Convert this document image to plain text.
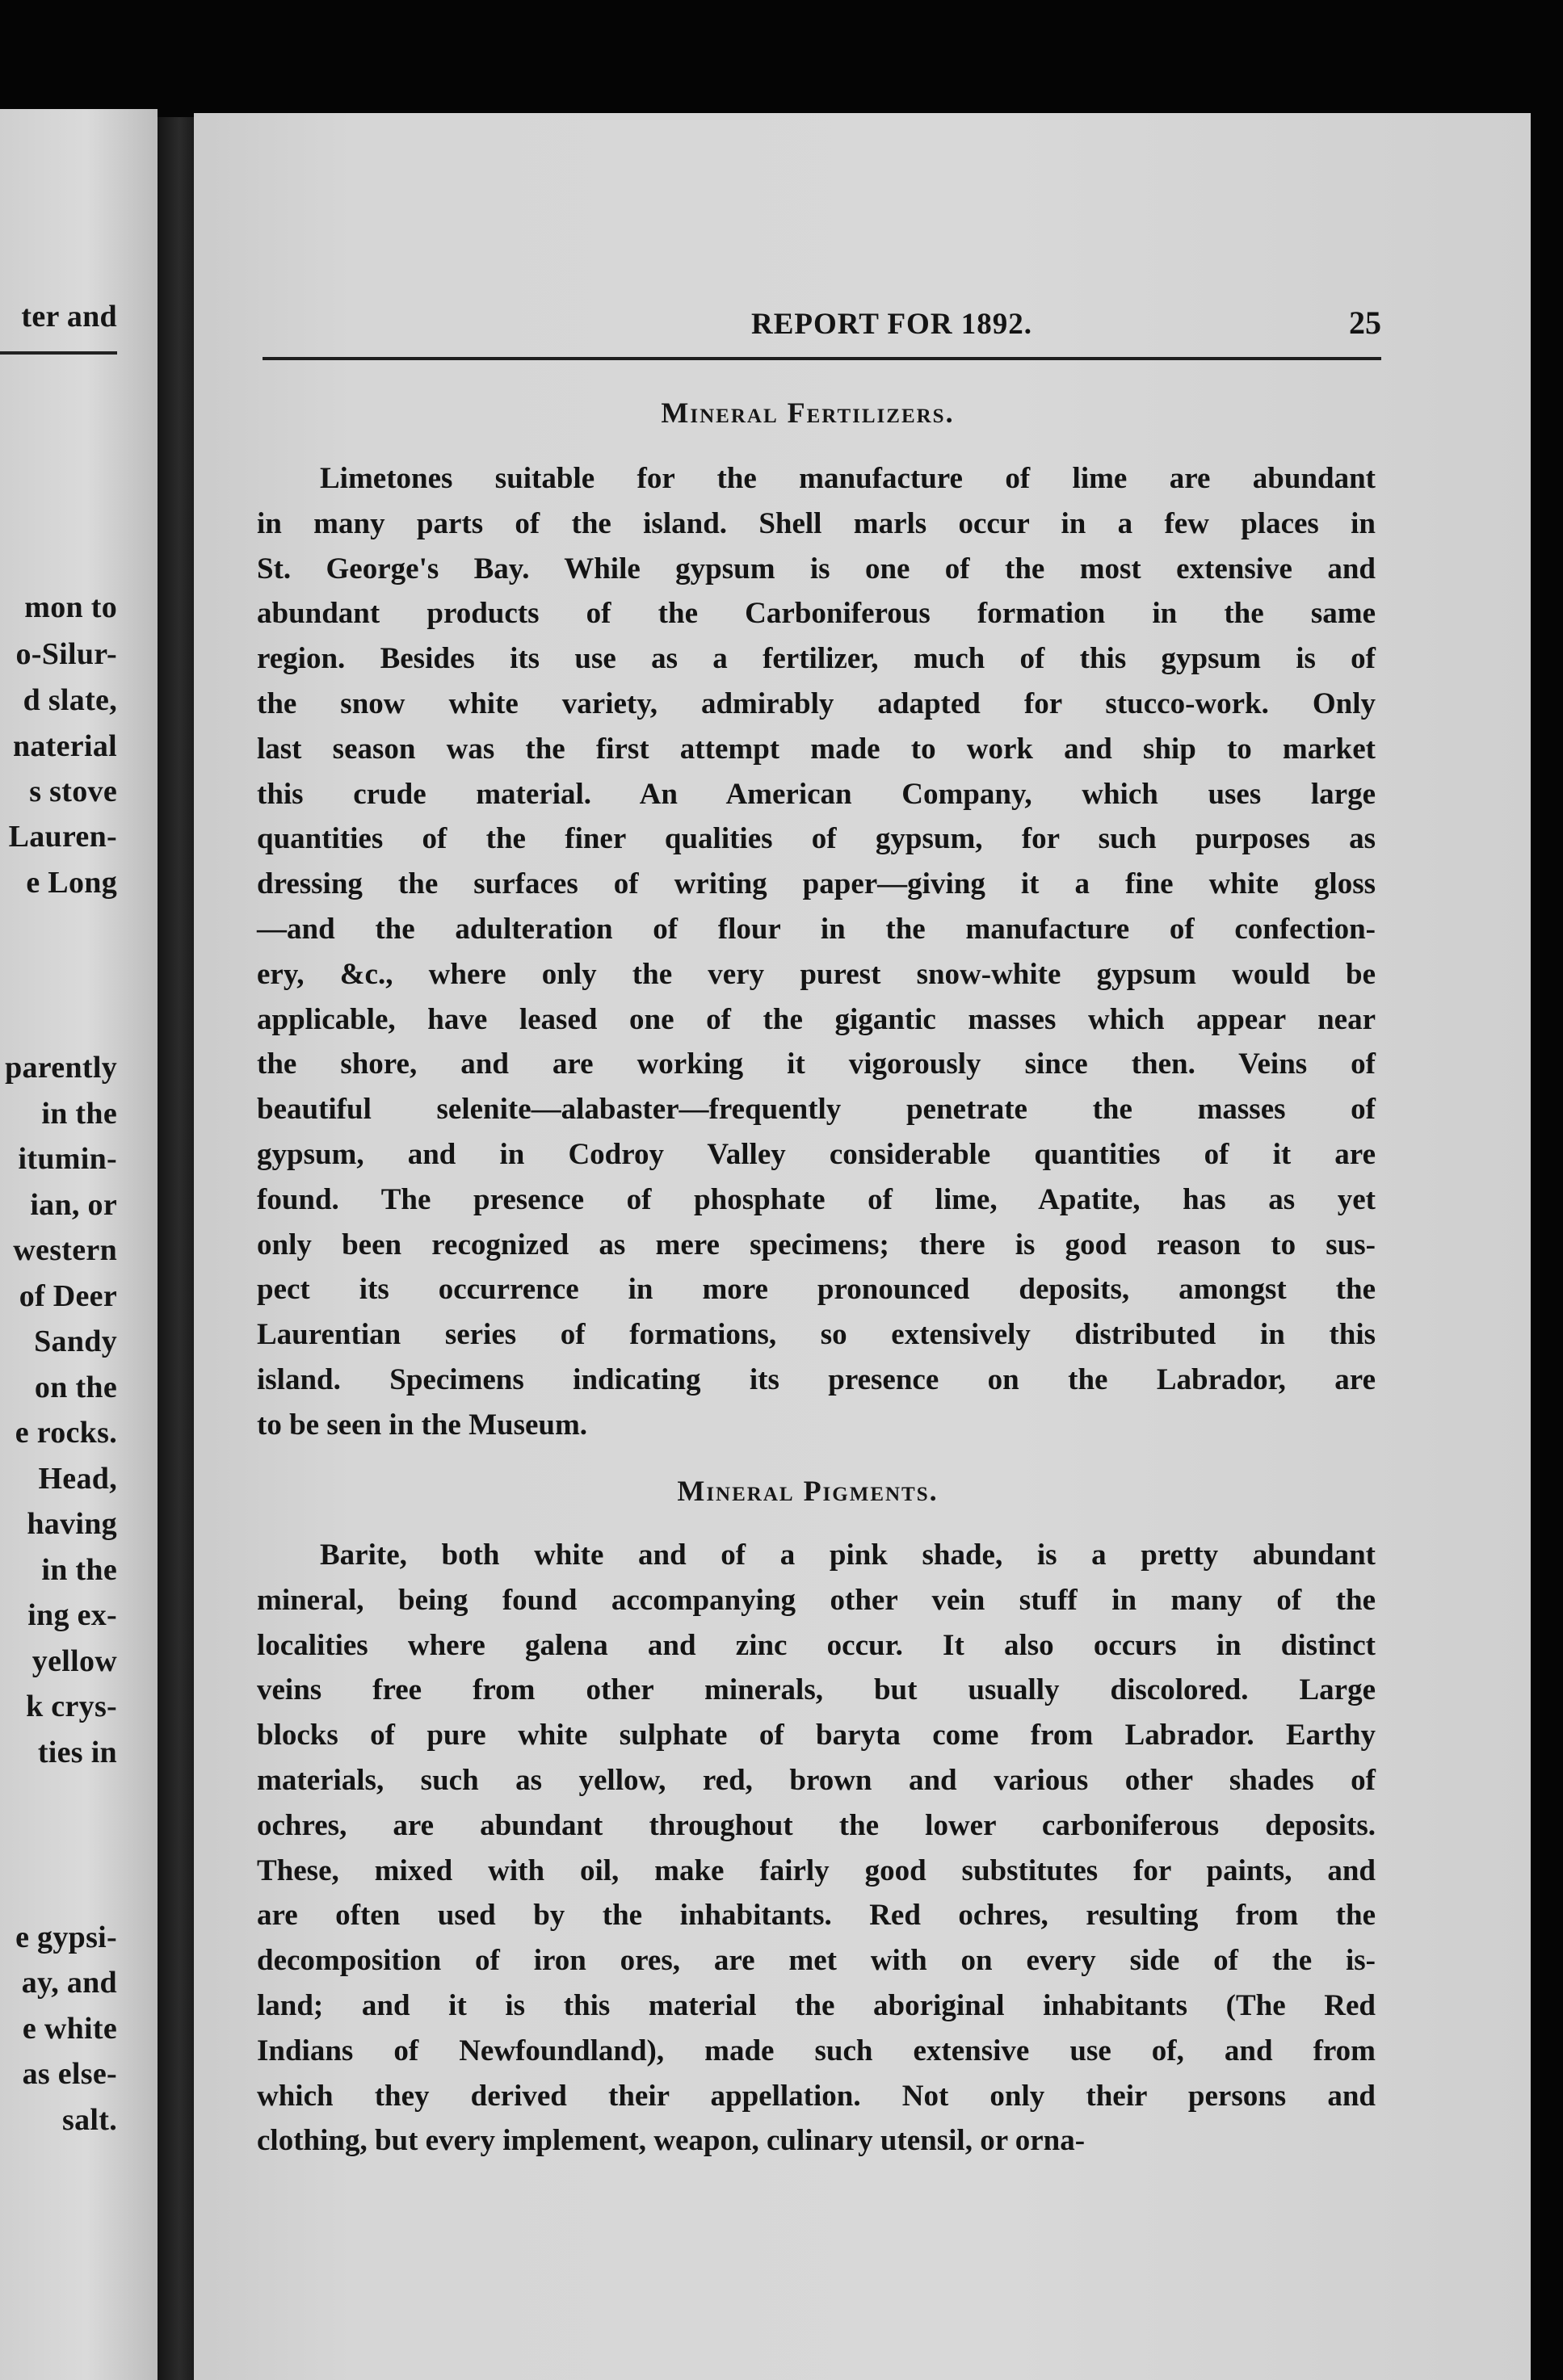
ter and
mon to
o-Silur-
d slate,
naterial
s stove
Lauren-
e Long
parently
in the
itumin-
ian, or
western
of Deer
Sandy
on the
e rocks.
Head,
having
in the
ing ex-
yellow
k crys-
ties in
e gypsi-
ay, and
e white
as else-
salt.
REPORT FOR 1892.	25
Mineral Fertilizers.
Limetones suitable for the manufacture of lime are abundant
in many parts of the island. Shell marls occur in a few places in
St. George's Bay. While gypsum is one of the most extensive and
abundant products of the Carboniferous formation in the same
region. Besides its use as a fertilizer, much of this gypsum is of
the snow white variety, admirably adapted for stucco-work. Only
last season was the first attempt made to work and ship to market
this crude material. An American Company, which uses large
quantities of the finer qualities of gypsum, for such purposes as
dressing the surfaces of writing paper—giving it a fine white gloss
—and the adulteration of flour in the manufacture of confection-
ery, &c., where only the very purest snow-white gypsum would be
applicable, have leased one of the gigantic masses which appear near
the shore, and are working it vigorously since then. Veins of
beautiful selenite—alabaster—frequently penetrate the masses of
gypsum, and in Codroy Valley considerable quantities of it are
found. The presence of phosphate of lime, Apatite, has as yet
only been recognized as mere specimens; there is good reason to sus-
pect its occurrence in more pronounced deposits, amongst the
Laurentian series of formations, so extensively distributed in this
island. Specimens indicating its presence on the Labrador, are
to be seen in the Museum.
Mineral Pigments.
Barite, both white and of a pink shade, is a pretty abundant
mineral, being found accompanying other vein stuff in many of the
localities where galena and zinc occur. It also occurs in distinct
veins free from other minerals, but usually discolored. Large
blocks of pure white sulphate of baryta come from Labrador. Earthy
materials, such as yellow, red, brown and various other shades of
ochres, are abundant throughout the lower carboniferous deposits.
These, mixed with oil, make fairly good substitutes for paints, and
are often used by the inhabitants. Red ochres, resulting from the
decomposition of iron ores, are met with on every side of the is-
land; and it is this material the aboriginal inhabitants (The Red
Indians of Newfoundland), made such extensive use of, and from
which they derived their appellation. Not only their persons and
clothing, but every implement, weapon, culinary utensil, or orna-
